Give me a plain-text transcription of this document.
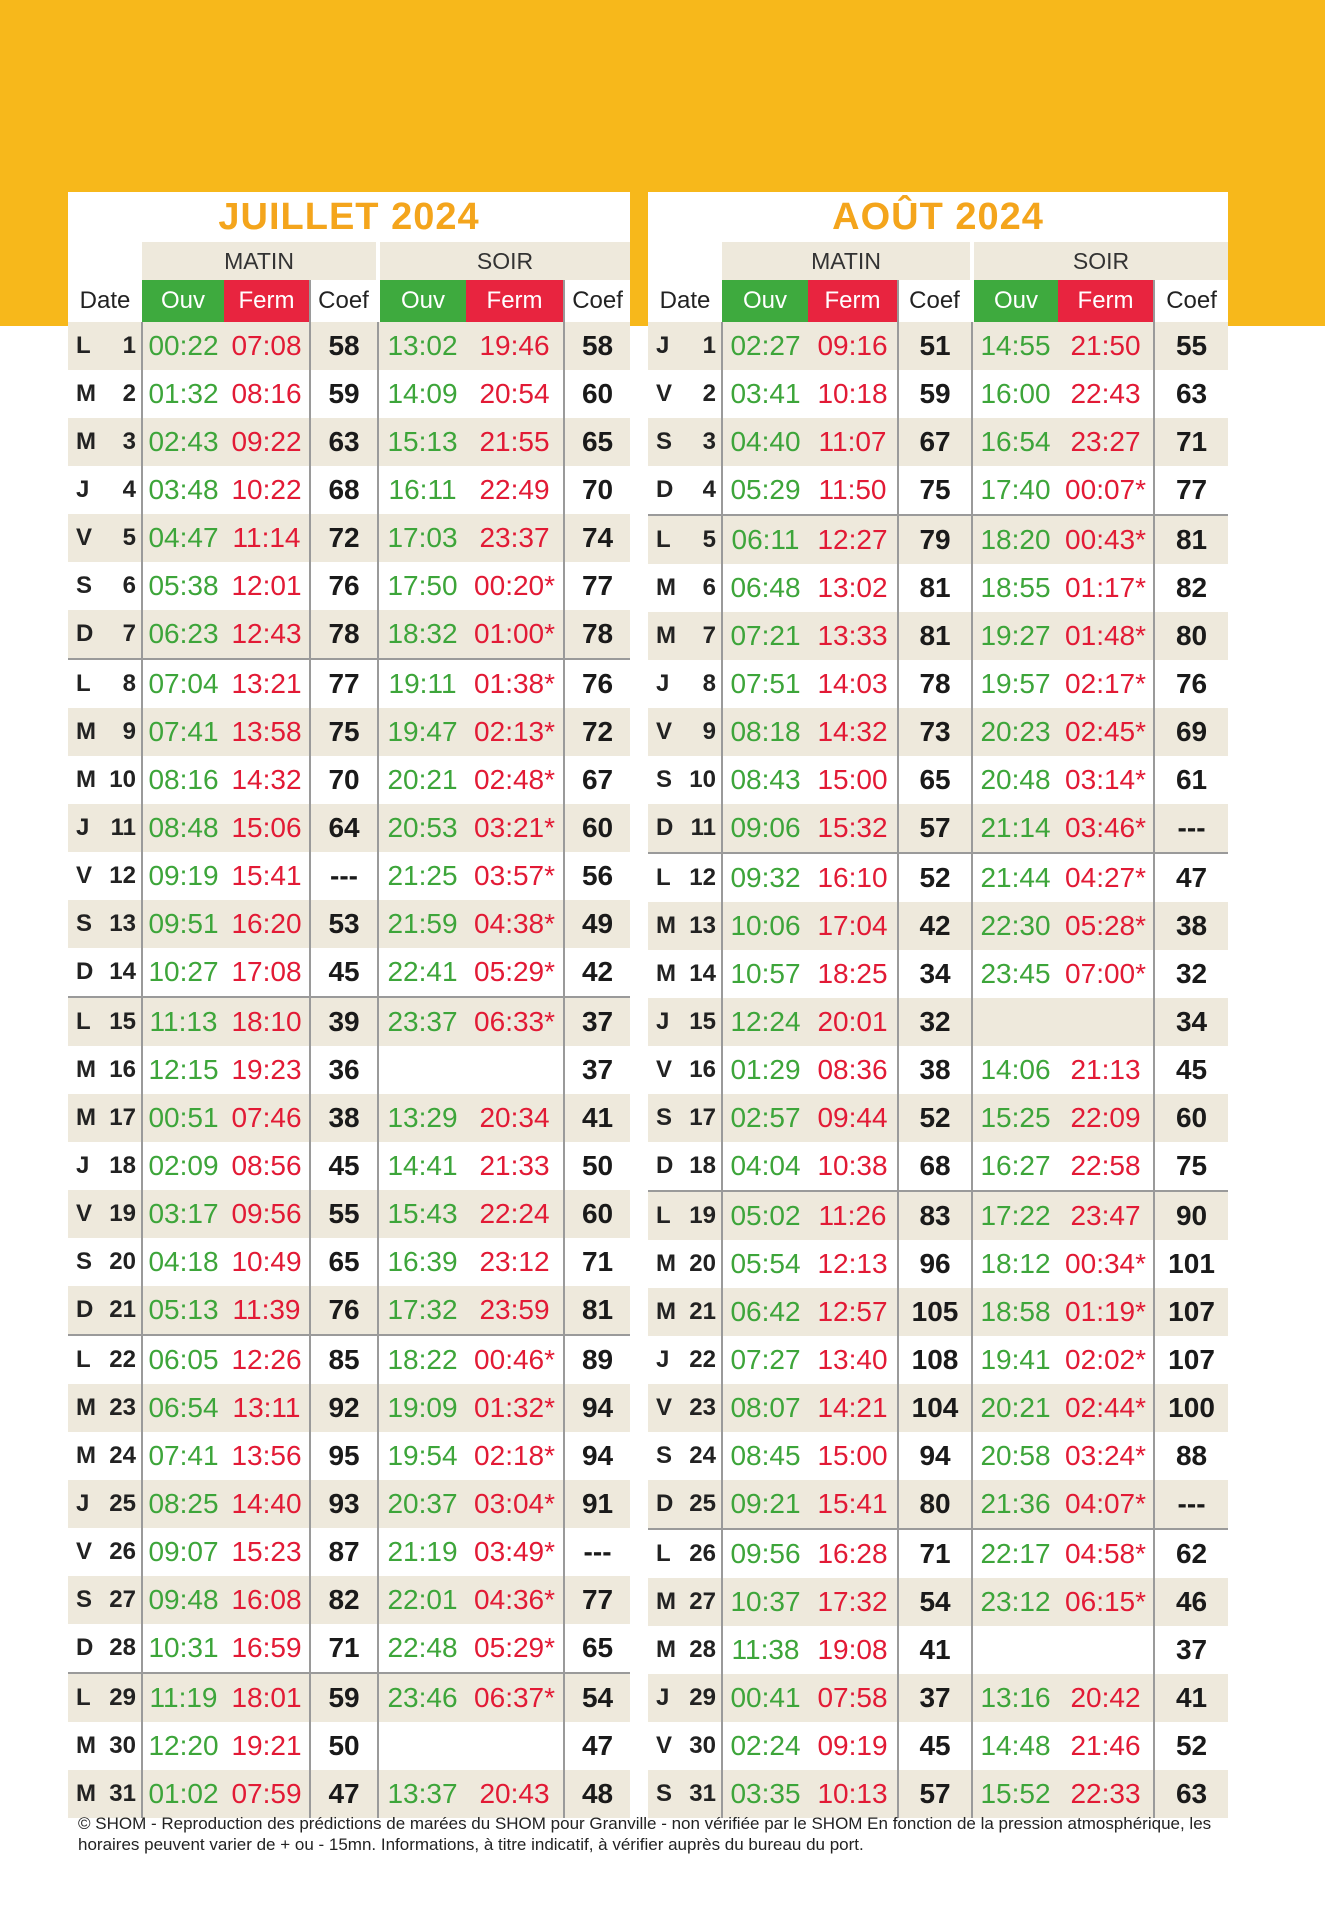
JUILLET 2024
	MATIN			SOIR		
Date	Ouv	Ferm	Coef	Ouv	Ferm	Coef
L 1	00:22	07:08	58	13:02	19:46	58
M 2	01:32	08:16	59	14:09	20:54	60
M 3	02:43	09:22	63	15:13	21:55	65
J 4	03:48	10:22	68	16:11	22:49	70
V 5	04:47	11:14	72	17:03	23:37	74
S 6	05:38	12:01	76	17:50	00:20*	77
D 7	06:23	12:43	78	18:32	01:00*	78
L 8	07:04	13:21	77	19:11	01:38*	76
M 9	07:41	13:58	75	19:47	02:13*	72
M 10	08:16	14:32	70	20:21	02:48*	67
J 11	08:48	15:06	64	20:53	03:21*	60
V 12	09:19	15:41	---	21:25	03:57*	56
S 13	09:51	16:20	53	21:59	04:38*	49
D 14	10:27	17:08	45	22:41	05:29*	42
L 15	11:13	18:10	39	23:37	06:33*	37
M 16	12:15	19:23	36			37
M 17	00:51	07:46	38	13:29	20:34	41
J 18	02:09	08:56	45	14:41	21:33	50
V 19	03:17	09:56	55	15:43	22:24	60
S 20	04:18	10:49	65	16:39	23:12	71
D 21	05:13	11:39	76	17:32	23:59	81
L 22	06:05	12:26	85	18:22	00:46*	89
M 23	06:54	13:11	92	19:09	01:32*	94
M 24	07:41	13:56	95	19:54	02:18*	94
J 25	08:25	14:40	93	20:37	03:04*	91
V 26	09:07	15:23	87	21:19	03:49*	---
S 27	09:48	16:08	82	22:01	04:36*	77
D 28	10:31	16:59	71	22:48	05:29*	65
L 29	11:19	18:01	59	23:46	06:37*	54
M 30	12:20	19:21	50			47
M 31	01:02	07:59	47	13:37	20:43	48
AOÛT 2024
	MATIN			SOIR		
Date	Ouv	Ferm	Coef	Ouv	Ferm	Coef
J 1	02:27	09:16	51	14:55	21:50	55
V 2	03:41	10:18	59	16:00	22:43	63
S 3	04:40	11:07	67	16:54	23:27	71
D 4	05:29	11:50	75	17:40	00:07*	77
L 5	06:11	12:27	79	18:20	00:43*	81
M 6	06:48	13:02	81	18:55	01:17*	82
M 7	07:21	13:33	81	19:27	01:48*	80
J 8	07:51	14:03	78	19:57	02:17*	76
V 9	08:18	14:32	73	20:23	02:45*	69
S 10	08:43	15:00	65	20:48	03:14*	61
D 11	09:06	15:32	57	21:14	03:46*	---
L 12	09:32	16:10	52	21:44	04:27*	47
M 13	10:06	17:04	42	22:30	05:28*	38
M 14	10:57	18:25	34	23:45	07:00*	32
J 15	12:24	20:01	32			34
V 16	01:29	08:36	38	14:06	21:13	45
S 17	02:57	09:44	52	15:25	22:09	60
D 18	04:04	10:38	68	16:27	22:58	75
L 19	05:02	11:26	83	17:22	23:47	90
M 20	05:54	12:13	96	18:12	00:34*	101
M 21	06:42	12:57	105	18:58	01:19*	107
J 22	07:27	13:40	108	19:41	02:02*	107
V 23	08:07	14:21	104	20:21	02:44*	100
S 24	08:45	15:00	94	20:58	03:24*	88
D 25	09:21	15:41	80	21:36	04:07*	---
L 26	09:56	16:28	71	22:17	04:58*	62
M 27	10:37	17:32	54	23:12	06:15*	46
M 28	11:38	19:08	41			37
J 29	00:41	07:58	37	13:16	20:42	41
V 30	02:24	09:19	45	14:48	21:46	52
S 31	03:35	10:13	57	15:52	22:33	63
© SHOM - Reproduction des prédictions de marées du SHOM pour Granville - non vérifiée par le SHOM En fonction de la pression atmosphérique, les horaires peuvent varier de + ou - 15mn. Informations, à titre indicatif, à vérifier auprès du bureau du port.
